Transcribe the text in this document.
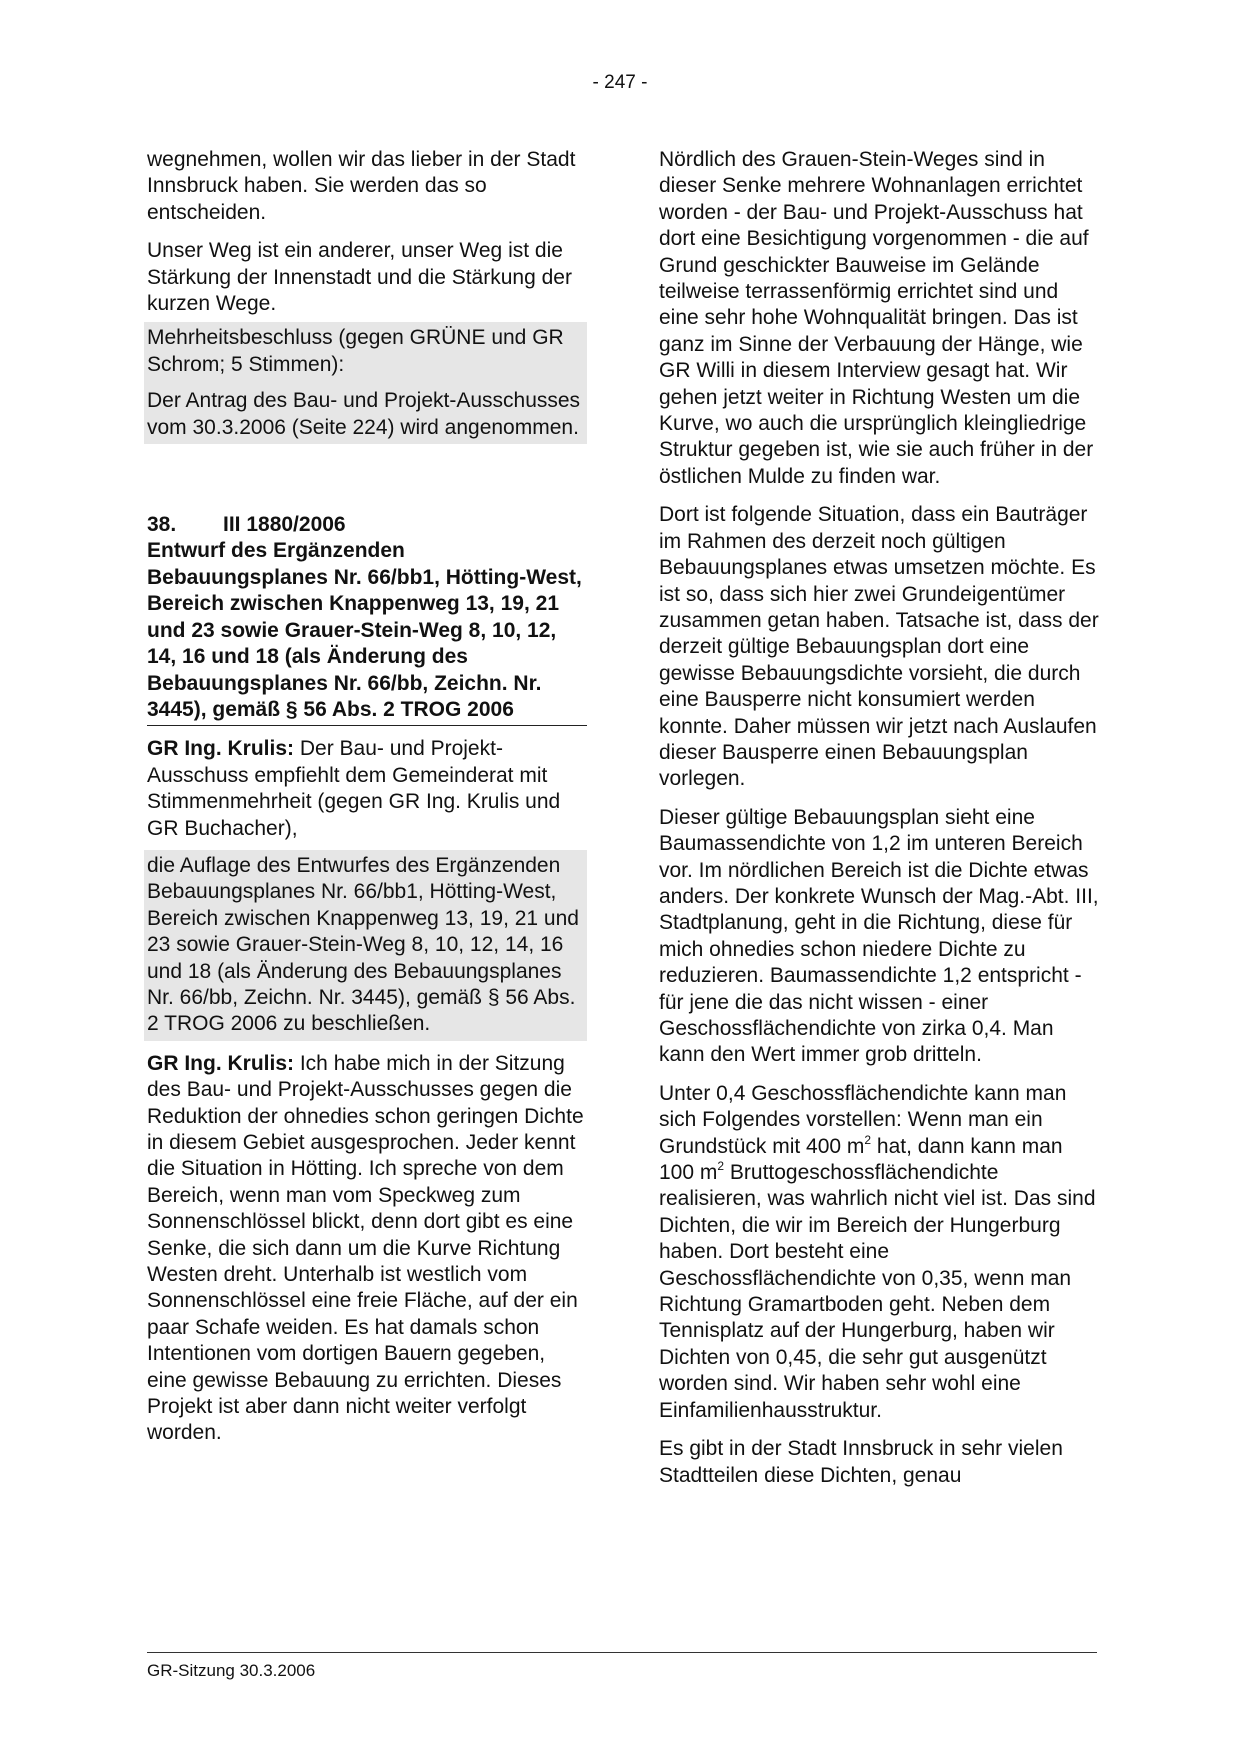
- 247 -

wegnehmen, wollen wir das lieber in der Stadt Innsbruck haben. Sie werden das so entscheiden.

Unser Weg ist ein anderer, unser Weg ist die Stärkung der Innenstadt und die Stärkung der kurzen Wege.

Mehrheitsbeschluss (gegen GRÜNE und GR Schrom; 5 Stimmen):

Der Antrag des Bau- und Projekt-Ausschusses vom 30.3.2006 (Seite 224) wird angenommen.

38. III 1880/2006

Entwurf des Ergänzenden Bebauungsplanes Nr. 66/bb1, Hötting-West, Bereich zwischen Knappenweg 13, 19, 21 und 23 sowie Grauer-Stein-Weg 8, 10, 12, 14, 16 und 18 (als Änderung des Bebauungsplanes Nr. 66/bb, Zeichn. Nr. 3445), gemäß § 56 Abs. 2 TROG 2006

GR Ing. Krulis: Der Bau- und Projekt-Ausschuss empfiehlt dem Gemeinderat mit Stimmenmehrheit (gegen GR Ing. Krulis und GR Buchacher),

die Auflage des Entwurfes des Ergänzenden Bebauungsplanes Nr. 66/bb1, Hötting-West, Bereich zwischen Knappenweg 13, 19, 21 und 23 sowie Grauer-Stein-Weg 8, 10, 12, 14, 16 und 18 (als Änderung des Bebauungsplanes Nr. 66/bb, Zeichn. Nr. 3445), gemäß § 56 Abs. 2 TROG 2006 zu beschließen.

GR Ing. Krulis: Ich habe mich in der Sitzung des Bau- und Projekt-Ausschusses gegen die Reduktion der ohnedies schon geringen Dichte in diesem Gebiet ausgesprochen. Jeder kennt die Situation in Hötting. Ich spreche von dem Bereich, wenn man vom Speckweg zum Sonnenschlössel blickt, denn dort gibt es eine Senke, die sich dann um die Kurve Richtung Westen dreht. Unterhalb ist westlich vom Sonnenschlössel eine freie Fläche, auf der ein paar Schafe weiden. Es hat damals schon Intentionen vom dortigen Bauern gegeben, eine gewisse Bebauung zu errichten. Dieses Projekt ist aber dann nicht weiter verfolgt worden.

Nördlich des Grauen-Stein-Weges sind in dieser Senke mehrere Wohnanlagen errichtet worden - der Bau- und Projekt-Ausschuss hat dort eine Besichtigung vorgenommen - die auf Grund geschickter Bauweise im Gelände teilweise terrassenförmig errichtet sind und eine sehr hohe Wohnqualität bringen. Das ist ganz im Sinne der Verbauung der Hänge, wie GR Willi in diesem Interview gesagt hat. Wir gehen jetzt weiter in Richtung Westen um die Kurve, wo auch die ursprünglich kleingliedrige Struktur gegeben ist, wie sie auch früher in der östlichen Mulde zu finden war.

Dort ist folgende Situation, dass ein Bauträger im Rahmen des derzeit noch gültigen Bebauungsplanes etwas umsetzen möchte. Es ist so, dass sich hier zwei Grundeigentümer zusammen getan haben. Tatsache ist, dass der derzeit gültige Bebauungsplan dort eine gewisse Bebauungsdichte vorsieht, die durch eine Bausperre nicht konsumiert werden konnte. Daher müssen wir jetzt nach Auslaufen dieser Bausperre einen Bebauungsplan vorlegen.

Dieser gültige Bebauungsplan sieht eine Baumassendichte von 1,2 im unteren Bereich vor. Im nördlichen Bereich ist die Dichte etwas anders. Der konkrete Wunsch der Mag.-Abt. III, Stadtplanung, geht in die Richtung, diese für mich ohnedies schon niedere Dichte zu reduzieren. Baumassendichte 1,2 entspricht - für jene die das nicht wissen - einer Geschossflächendichte von zirka 0,4. Man kann den Wert immer grob dritteln.

Unter 0,4 Geschossflächendichte kann man sich Folgendes vorstellen: Wenn man ein Grundstück mit 400 $m^2$ hat, dann kann man 100 $m^2$ Bruttogeschossflächendichte realisieren, was wahrlich nicht viel ist. Das sind Dichten, die wir im Bereich der Hungerburg haben. Dort besteht eine Geschossflächendichte von 0,35, wenn man Richtung Gramartboden geht. Neben dem Tennisplatz auf der Hungerburg, haben wir Dichten von 0,45, die sehr gut ausgenützt worden sind. Wir haben sehr wohl eine Einfamilienhausstruktur.

Es gibt in der Stadt Innsbruck in sehr vielen Stadtteilen diese Dichten, genau

GR-Sitzung 30.3.2006
